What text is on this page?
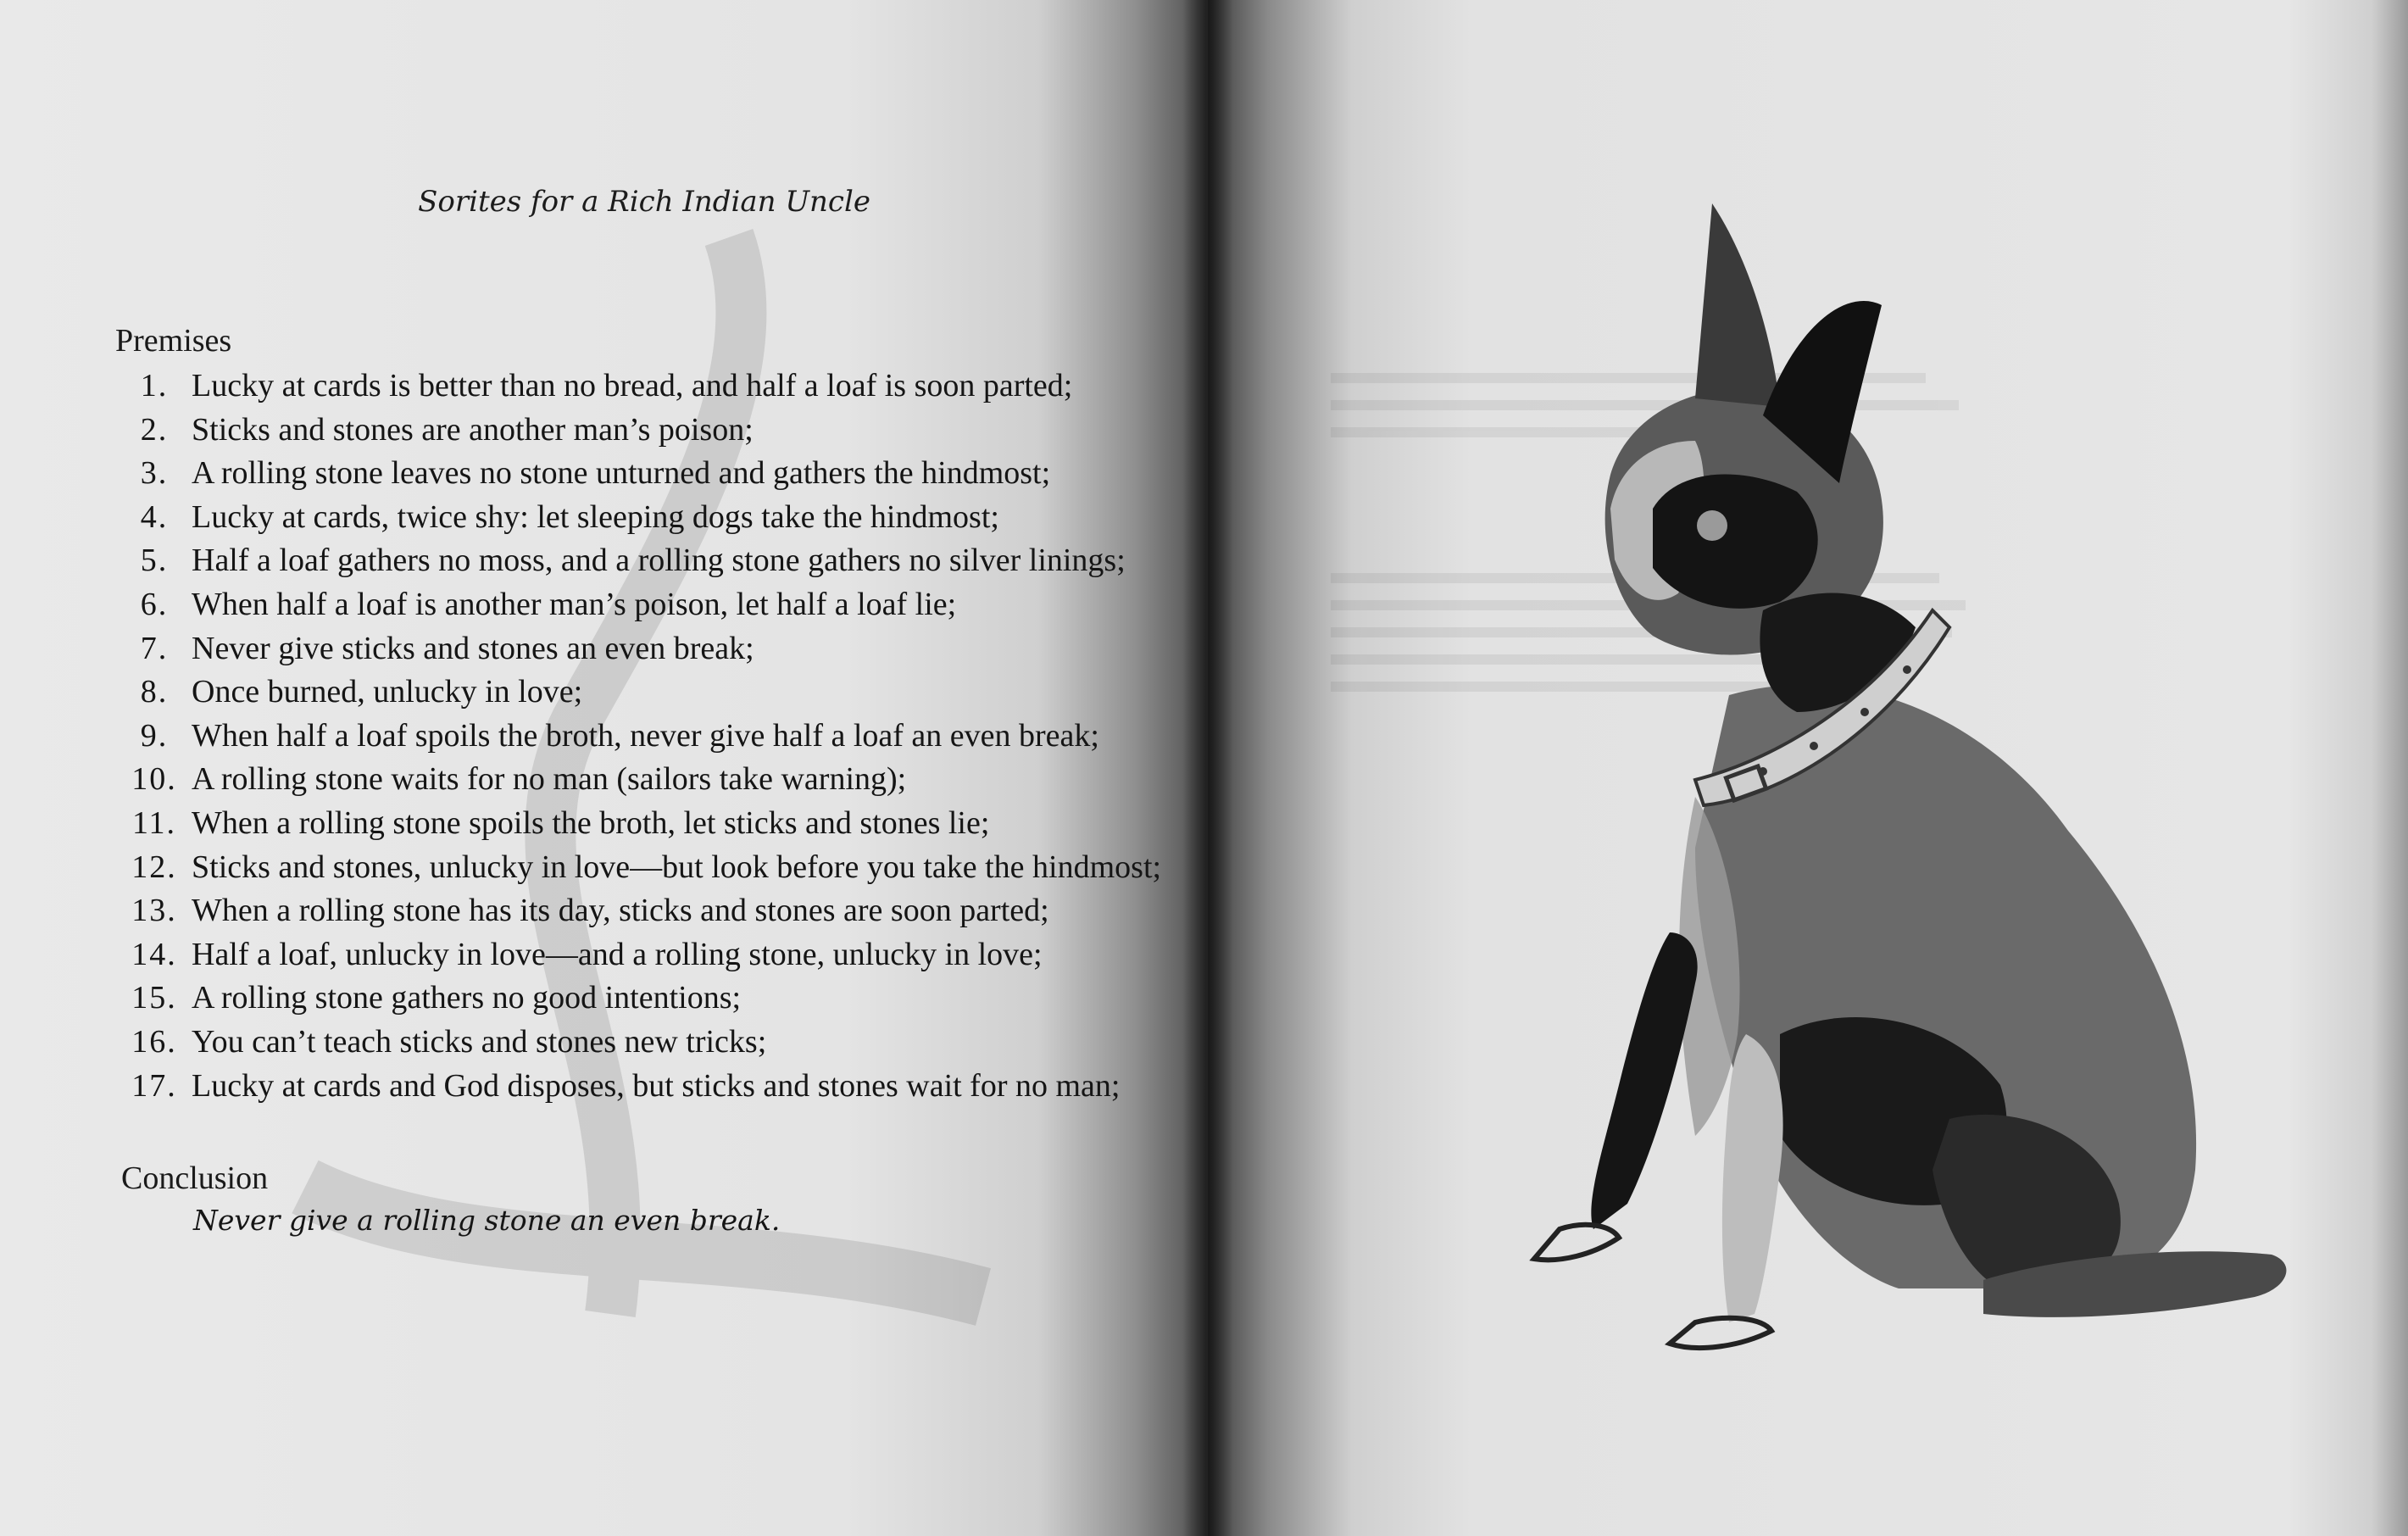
Sorites for a Rich Indian Uncle
Premises
1. Lucky at cards is better than no bread, and half a loaf is soon parted;
2. Sticks and stones are another man’s poison;
3. A rolling stone leaves no stone unturned and gathers the hindmost;
4. Lucky at cards, twice shy: let sleeping dogs take the hindmost;
5. Half a loaf gathers no moss, and a rolling stone gathers no silver linings;
6. When half a loaf is another man’s poison, let half a loaf lie;
7. Never give sticks and stones an even break;
8. Once burned, unlucky in love;
9. When half a loaf spoils the broth, never give half a loaf an even break;
10. A rolling stone waits for no man (sailors take warning);
11. When a rolling stone spoils the broth, let sticks and stones lie;
12. Sticks and stones, unlucky in love—but look before you take the hindmost;
13. When a rolling stone has its day, sticks and stones are soon parted;
14. Half a loaf, unlucky in love—and a rolling stone, unlucky in love;
15. A rolling stone gathers no good intentions;
16. You can’t teach sticks and stones new tricks;
17. Lucky at cards and God disposes, but sticks and stones wait for no man;
Conclusion
Never give a rolling stone an even break.
